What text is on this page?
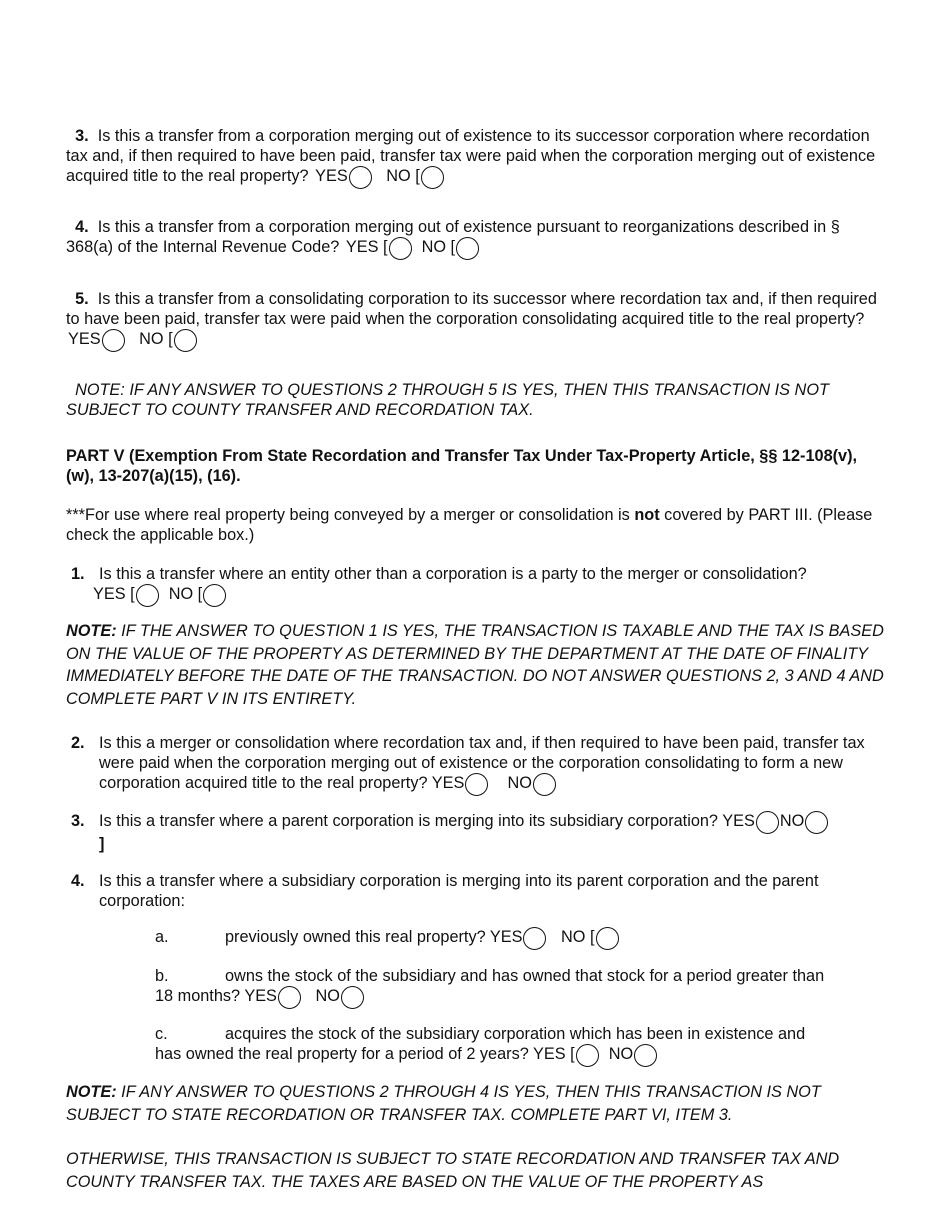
3. Is this a transfer from a corporation merging out of existence to its successor corporation where recordation tax and, if then required to have been paid, transfer tax were paid when the corporation merging out of existence acquired title to the real property? YES NO [
4. Is this a transfer from a corporation merging out of existence pursuant to reorganizations described in § 368(a) of the Internal Revenue Code? YES [ NO [
5. Is this a transfer from a consolidating corporation to its successor where recordation tax and, if then required to have been paid, transfer tax were paid when the corporation consolidating acquired title to the real property? YES NO [
NOTE: IF ANY ANSWER TO QUESTIONS 2 THROUGH 5 IS YES, THEN THIS TRANSACTION IS NOT SUBJECT TO COUNTY TRANSFER AND RECORDATION TAX.
PART V (Exemption From State Recordation and Transfer Tax Under Tax-Property Article, §§ 12-108(v), (w), 13-207(a)(15), (16).
***For use where real property being conveyed by a merger or consolidation is not covered by PART III. (Please check the applicable box.)
1. Is this a transfer where an entity other than a corporation is a party to the merger or consolidation?
YES [ NO [
NOTE: IF THE ANSWER TO QUESTION 1 IS YES, THE TRANSACTION IS TAXABLE AND THE TAX IS BASED ON THE VALUE OF THE PROPERTY AS DETERMINED BY THE DEPARTMENT AT THE DATE OF FINALITY IMMEDIATELY BEFORE THE DATE OF THE TRANSACTION. DO NOT ANSWER QUESTIONS 2, 3 AND 4 AND COMPLETE PART V IN ITS ENTIRETY.
2. Is this a merger or consolidation where recordation tax and, if then required to have been paid, transfer tax were paid when the corporation merging out of existence or the corporation consolidating to form a new corporation acquired title to the real property? YES	NO
3. Is this a transfer where a parent corporation is merging into its subsidiary corporation? YES NO
]
4. Is this a transfer where a subsidiary corporation is merging into its parent corporation and the parent corporation:
a.	previously owned this real property? YES NO [
b.	owns the stock of the subsidiary and has owned that stock for a period greater than 18 months? YES NO
c.	acquires the stock of the subsidiary corporation which has been in existence and has owned the real property for a period of 2 years? YES [ NO
NOTE: IF ANY ANSWER TO QUESTIONS 2 THROUGH 4 IS YES, THEN THIS TRANSACTION IS NOT SUBJECT TO STATE RECORDATION OR TRANSFER TAX. COMPLETE PART VI, ITEM 3.
OTHERWISE, THIS TRANSACTION IS SUBJECT TO STATE RECORDATION AND TRANSFER TAX AND COUNTY TRANSFER TAX. THE TAXES ARE BASED ON THE VALUE OF THE PROPERTY AS
